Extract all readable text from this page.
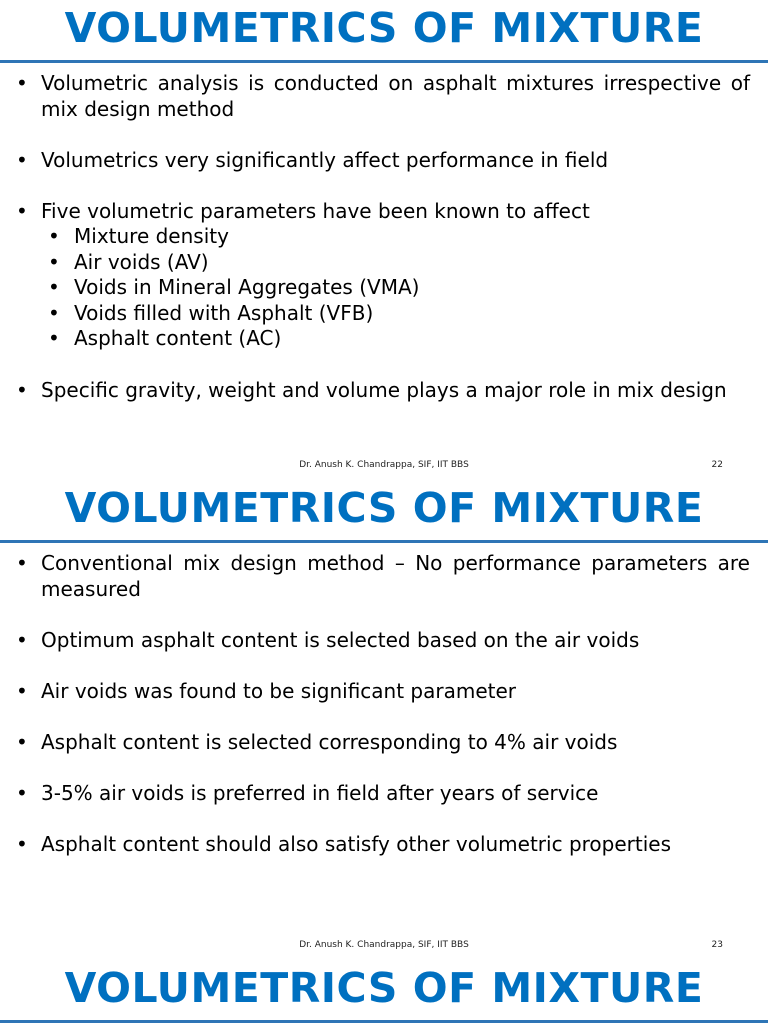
VOLUMETRICS OF MIXTURE
• Volumetric analysis is conducted on asphalt mixtures irrespective of mix design method
• Volumetrics very significantly affect performance in field
• Five volumetric parameters have been known to affect
• Mixture density
• Air voids (AV)
• Voids in Mineral Aggregates (VMA)
• Voids filled with Asphalt (VFB)
• Asphalt content (AC)
• Specific gravity, weight and volume plays a major role in mix design
Dr. Anush K. Chandrappa, SIF, IIT BBS	22
VOLUMETRICS OF MIXTURE
• Conventional mix design method – No performance parameters are measured
• Optimum asphalt content is selected based on the air voids
• Air voids was found to be significant parameter
• Asphalt content is selected corresponding to 4% air voids
• 3-5% air voids is preferred in field after years of service
• Asphalt content should also satisfy other volumetric properties
Dr. Anush K. Chandrappa, SIF, IIT BBS	23
VOLUMETRICS OF MIXTURE
